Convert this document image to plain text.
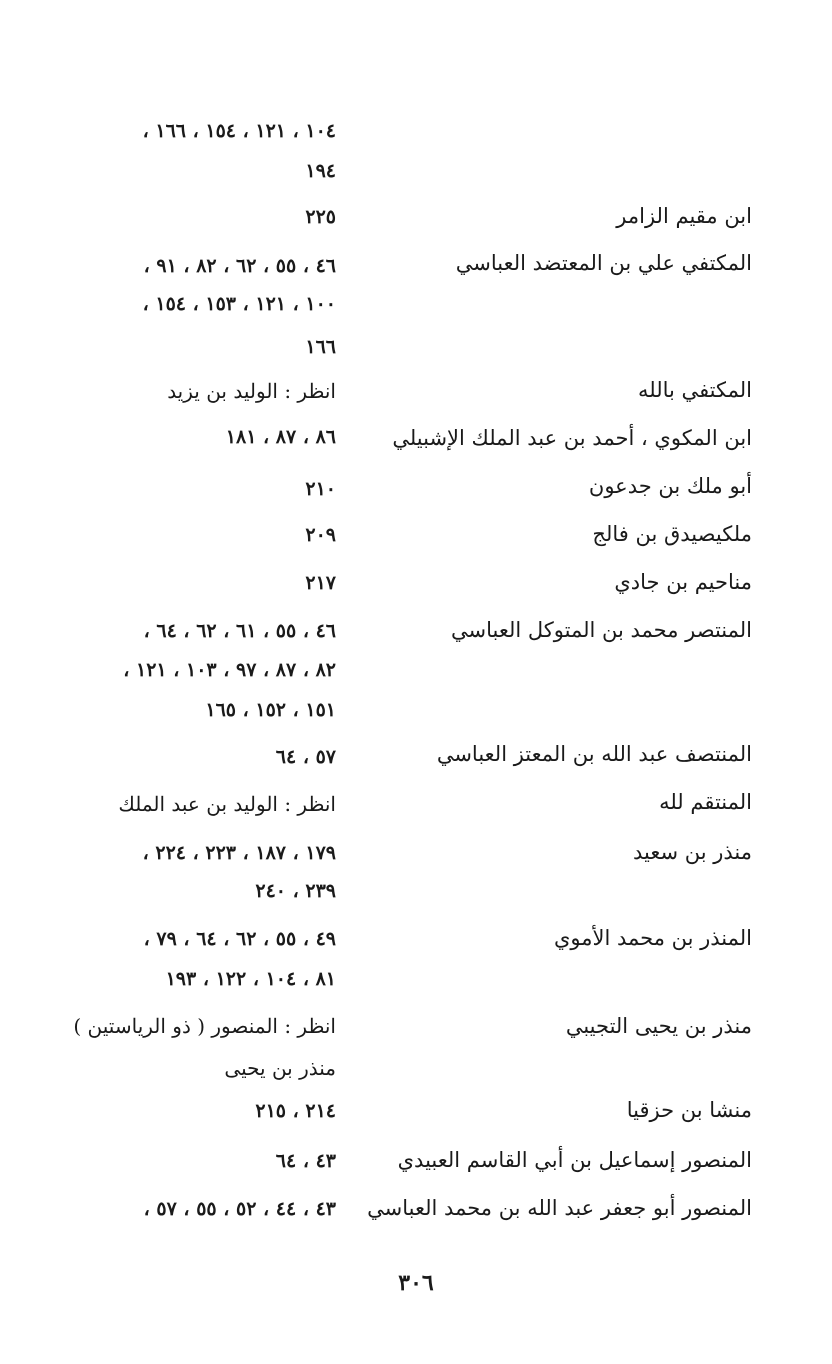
١٠٤ ، ١٢١ ، ١٥٤ ، ١٦٦ ،
١٩٤
ابن مقيم الزامر
٢٢٥
المكتفي علي بن المعتضد العباسي
٤٦ ، ٥٥ ، ٦٢ ، ٨٢ ، ٩١ ،
١٠٠ ، ١٢١ ، ١٥٣ ، ١٥٤ ،
١٦٦
المكتفي بالله
انظر : الوليد بن يزيد
ابن المكوي ، أحمد بن عبد الملك الإشبيلي
٨٦ ، ٨٧ ، ١٨١
أبو ملك بن جدعون
٢١٠
ملكيصيدق بن فالج
٢٠٩
مناحيم بن جادي
٢١٧
المنتصر محمد بن المتوكل العباسي
٤٦ ، ٥٥ ، ٦١ ، ٦٢ ، ٦٤ ،
٨٢ ، ٨٧ ، ٩٧ ، ١٠٣ ، ١٢١ ،
١٥١ ، ١٥٢ ، ١٦٥
المنتصف عبد الله بن المعتز العباسي
٥٧ ، ٦٤
المنتقم لله
انظر : الوليد بن عبد الملك
منذر بن سعيد
١٧٩ ، ١٨٧ ، ٢٢٣ ، ٢٢٤ ،
٢٣٩ ، ٢٤٠
المنذر بن محمد الأموي
٤٩ ، ٥٥ ، ٦٢ ، ٦٤ ، ٧٩ ،
٨١ ، ١٠٤ ، ١٢٢ ، ١٩٣
منذر بن يحيى التجيبي
انظر : المنصور ( ذو الرياستين )
منذر بن يحيى
منشا بن حزقيا
٢١٤ ، ٢١٥
المنصور إسماعيل بن أبي القاسم العبيدي
٤٣ ، ٦٤
المنصور أبو جعفر عبد الله بن محمد العباسي
٤٣ ، ٤٤ ، ٥٢ ، ٥٥ ، ٥٧ ،
٣٠٦
